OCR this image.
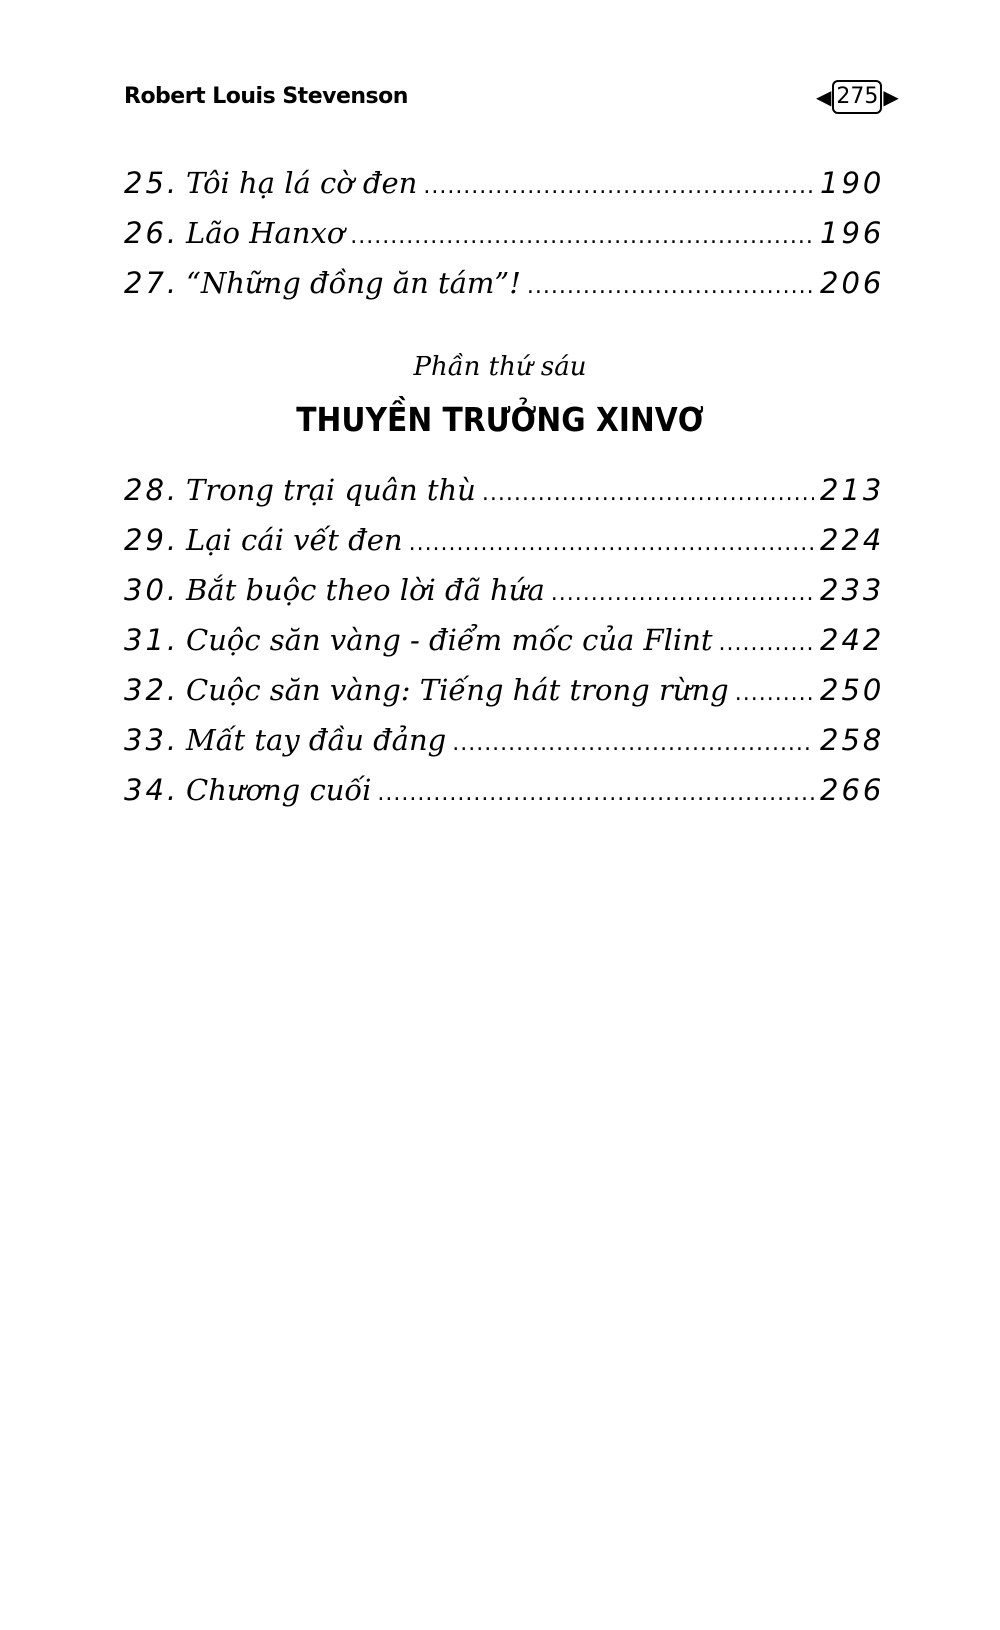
Robert Louis Stevenson	◀ 275 ▶
25. Tôi hạ lá cờ đen .....	190
26. Lão Hanxơ .....	196
27. “Những đồng ăn tám”! .....	206
Phần thứ sáu
THUYỀN TRƯỞNG XINVƠ
28. Trong trại quân thù .....	213
29. Lại cái vết đen .....	224
30. Bắt buộc theo lời đã hứa .....	233
31. Cuộc săn vàng - điểm mốc của Flint .....	242
32. Cuộc săn vàng: Tiếng hát trong rừng .....	250
33. Mất tay đầu đảng .....	258
34. Chương cuối .....	266
